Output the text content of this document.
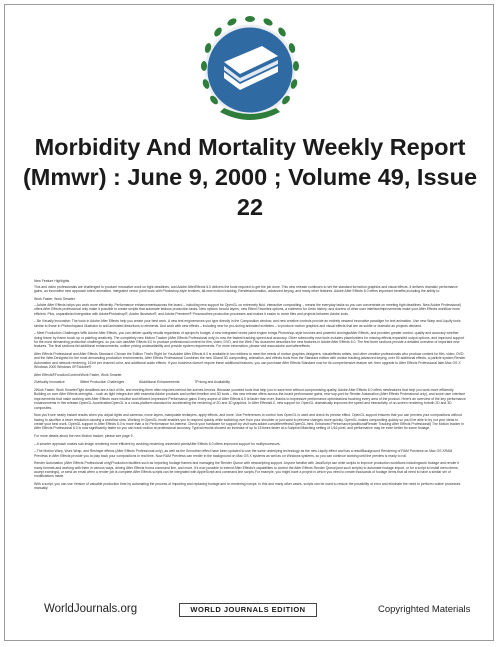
Morbidity And Mortality Weekly Report (Mmwr) : June 9, 2000 ; Volume 49, Issue 22

New Feature Highlights

This and video professionals are challenged to produce innovative work on tight deadlines, and Adobe AfterEffects 6.0 delivers the tools required to get the job done. This new release continues to set the standard formotion graphics and visual effects. It delivers dramatic performance gains, an innovative new approach totext animation, integrated vector paint tools with Photoshop-style brushes, all-new motion tracking, Renderautomation, advanced keying, and many other features. Adobe After Effects 6.0 offers important benefits,including the ability to:

Work Faster, Work Smarter

– Adobe After Effects helps you work more efficiently. Performance enhancementsacross the board – including new support for OpenGL on extremely fluid, interactive compositing – means the everyday tasks so you can concentrate on meeting tight deadlines. New Adobe Professional) offers After Effects professional only make it possible to create scripts that automate tedious production tasks. New options forcold layers, new Effect Favorites options, a submenu for Undo history, and dozens of other user interfaceimprovements make your After Effects workflow more efficient. Plus, unparalleled integration with AdobePhotoshop®, Adobe Illustrator®, and Adobe Premiere® Prosmoothes production processes and makes it easier to move files and projects between Adobe tools.

– Be Visually Innovative: The tools in Adobe After Effects help you create your best work. A new text enginemoves you type directly in the Composition window, and new creative controls provide an entirely newand innovative paradigm for text animation. Use new Warp and Liquify tools similar to those in Photoshopand Illustrator to add animated distortions to elements. And work with new effects – including new for pro-during animated scribbles – to produce motion graphics and visual effects that are as subtle or dramatic as projects demand.

– Meet Production Challenges With Adobe After Effects, you can deliver quality results regardless of aproject's budget. A new integrated vector paint engine brings Photoshop-style brushes and powerful cloningtoAfter Effects, and provides greater control, quality and accuracy whether doing frame by frame touch up or painting creatively. The completely new Motion Tracker (After Effects Professional only) is now the fastest tracking speed and accuracy. Other noteworthy new tools includes placeholders for missing effects,expanded output options, and improved support for the most demanding production challenges, so you can useAfter Effects 6.0 to produce professional content for film, video, DVD, and the Web.This document describes the new features in Adobe After Effects 6.0. The first three sections provide a detailed overview of important new features. The final sections list additional enhancements, outline pricing andavailability and provide system requirements. For more information, please visit www.adobe.com/aftereffects

After Effects Professional and After Effects Standard: Choose the Edition That's Right for YouAdobe After Effects 6.0 is available in two editions to meet the needs of motion graphics designers, visualeffects artists, and other creative professionals who produce content for film, video, DVD, and the Web.Designed for the most demanding production environments, After Effects Professional Combines the new 3Dand 3D compositing, animation, and effects tools from the Standard edition with motion tracking,advanced keying, over 50 additional effects, a particle system,Render Automation and network rendering, 16 bit per channel color, and additional audio effects. If your business doesn't require these additional features, you can purchase After Effects Standard now for its comprehensive feature set, then upgrade to After Effects Professional later.Mac OS X Windows 2000 Windows XP©Adobe®

After Effects®FunctionContent/Work Faster, Work Smarter

2Ivirtually Innovative	3Meet Production Challenges	6Additional Enhancements	7Pricing and Availability

2Work Faster, Work SmarterTight deadlines are a fact of life, and meeting them often requires behind-the-scenes heroics. Because youneed tools that help you to save time without compromising quality, Adobe After Effects 6.0 offers newfeatures that help you work more efficiently. Building on core After Effects strengths – such as tight integra-tion with essential Adobe products and unified timeline and 3D tools – this new release offers across-the-board performance gains, new sup-port for Render Automation (After Effects Professional only), and some user interface improvements that make working with After Effects more intuitive and efficient.Impressive Performance gains Every aspect of After Effects 6.0 is faster than ever, thanks to impressive performance optimizations touching every area of the product. Here's an overview of the key performance enhancements in this release.OpenGL AccelerationOpenGL is a cross-platform standard for accelerating the rendering of 2D and 3D graphics. In After Effects6.0, new support for OpenGL dramatically improves the speed and interactivity of on-screen rendering forboth 2D and 3D composites.

Now you'll see nearly instant results when you adjust lights and cameras, move layers, manipulate textlayers, apply effects, and more. Use Preferences to control how OpenGL is used and check its precise effect. OpenGL support ensures that you can preview your compositions without having to sacrifice a lower resolution causing a workflow slow. Working in OpenGL mode enables you to respond quickly while switching over from your shoulder or just want to preview changes more quickly. OpenGL makes compositing quickly so you'll be able to try out your ideas to create your best work. OpenGL support in After Effects 6.0 is more than a 6x Performance for-interest. Check your hardware for support by visit www.adobe.com/aftereffects/OpenGL.html. Enhanced Performance(anditionalRender Tracking After Effects Professional) The Motion tracker in After Effects Professional 6.0 is now significantly faster so you can track motion at professional accuracy. Typical results showed an increase of up to 15 times faster at a Subpixel Matching setting of 1/16 pixel, and performance may be even better for some footage.

For more details about the new Motion tracker, please see page 9.

– A smarter approach makes sub-image rendering more efficient by avoiding rendering unneeded pixelsAfter Effects 6.0 offers improved support for multiprocessors.

– The Motion Warp, Work Wrap, and Reshape effects (After Effects Professional only), as well as the Smoothen effect have been updated to use the same underlying technology as the new Liquify effect and has a resultBackground Rendering of RAM Previews on Mac OS XRAM Previews in After Effects provide you to play back your compositions in real time. Now RAM Previews can render in the background on Mac OS X systems as well as on Windows systems, so you can continue working until the preview is ready to roll.

Render Automation (After Effects Professional only)Production facilities such as importing footage frames and managing the Render Queue with newscripting support. Anyone familiar with JavaScript can write scripts to improve production workflows includingwork footage and render it many formats and working with them in various ways, driving After Effects froma command line, and more. It's now possible to extend After Effects's capabilities to control the After Effects Render Queue(and such scripts) to automate footage import, or for a script to install menu items, accept earnings), or send an email when a render job is complete.After Effects scripts can be integrated with AppleScript and command line scripts.For example, you might have a project in which you need to create thousands of footage items that all need to have a similar set of modifications made.

With a script, you can use Version of valuable production time by automating the process of importing and replacing footage and re-rendering comps. In this and many other cases, scripts can be used to reduce the possibility of error and eliminate the need to perform routine processes manually.

WorldJournals.org	WORLD JOURNALS EDITION	Copyrighted Materials
